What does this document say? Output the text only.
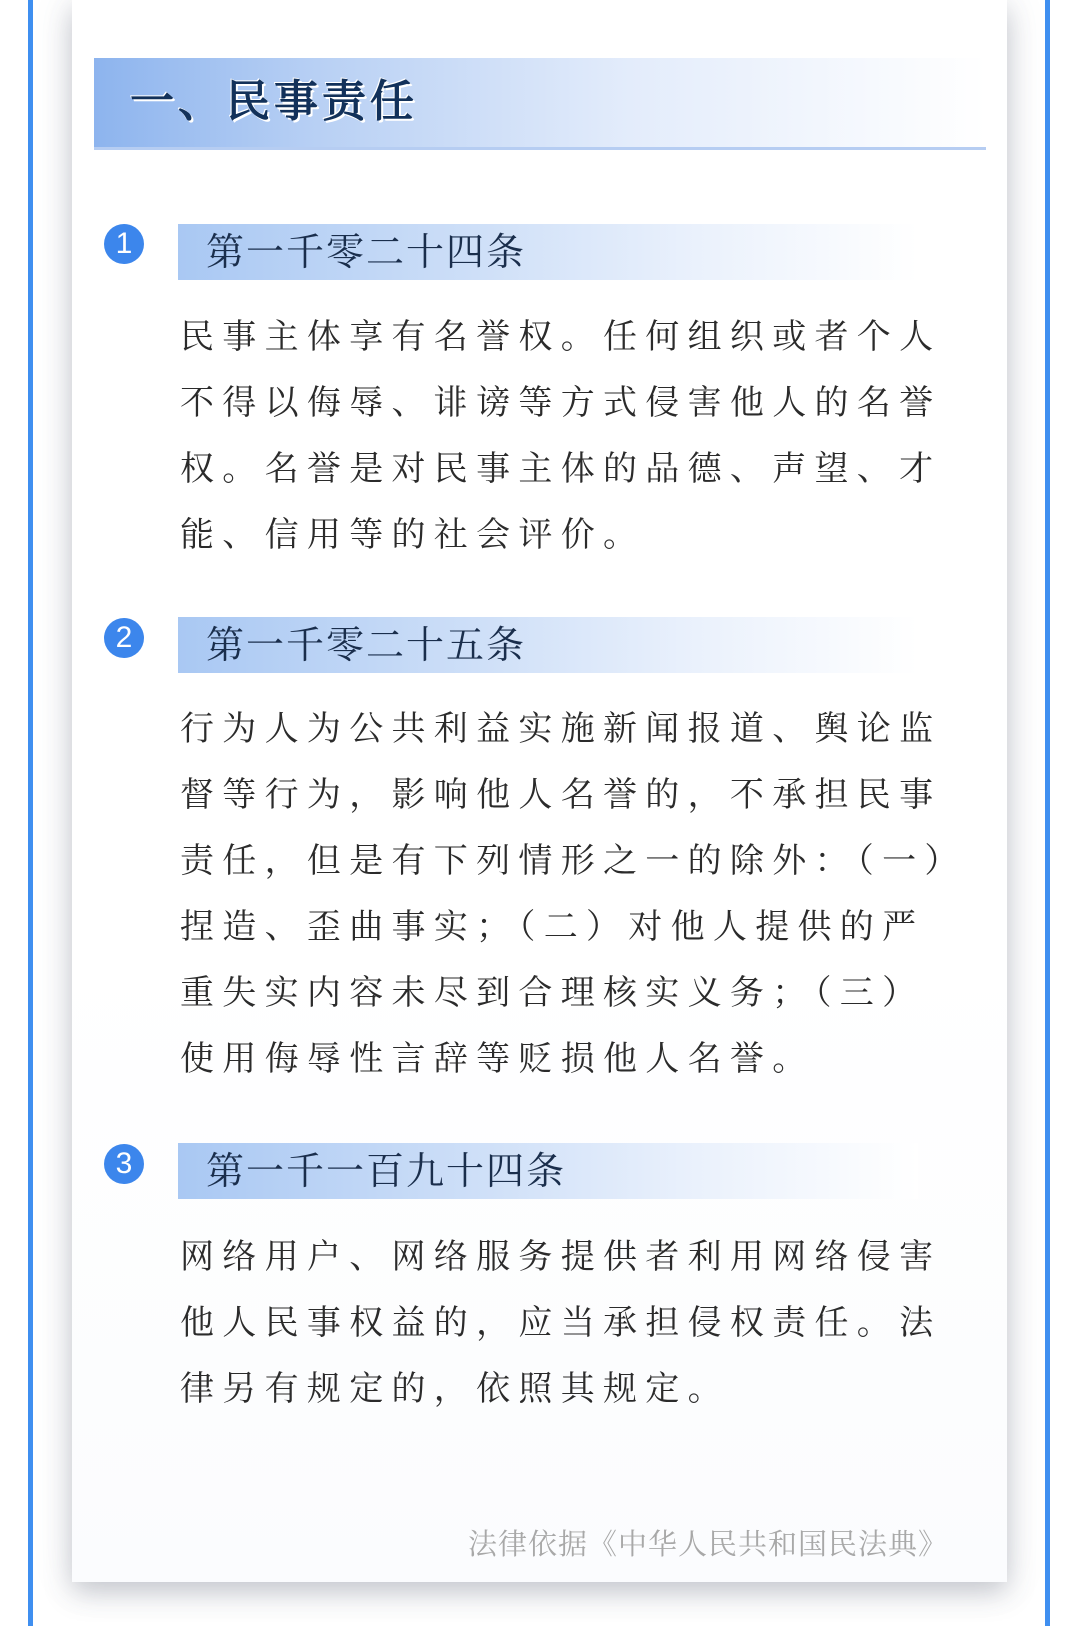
一、民事责任
1	第一千零二十四条

民事主体享有名誉权。任何组织或者个人不得以侮辱、诽谤等方式侵害他人的名誉权。名誉是对民事主体的品德、声望、才能、信用等的社会评价。

2	第一千零二十五条

行为人为公共利益实施新闻报道、舆论监督等行为，影响他人名誉的，不承担民事责任，但是有下列情形之一的除外：（一）捏造、歪曲事实；（二）对他人提供的严重失实内容未尽到合理核实义务；（三）使用侮辱性言辞等贬损他人名誉。

3	第一千一百九十四条

网络用户、网络服务提供者利用网络侵害他人民事权益的，应当承担侵权责任。法律另有规定的，依照其规定。

法律依据《中华人民共和国民法典》
